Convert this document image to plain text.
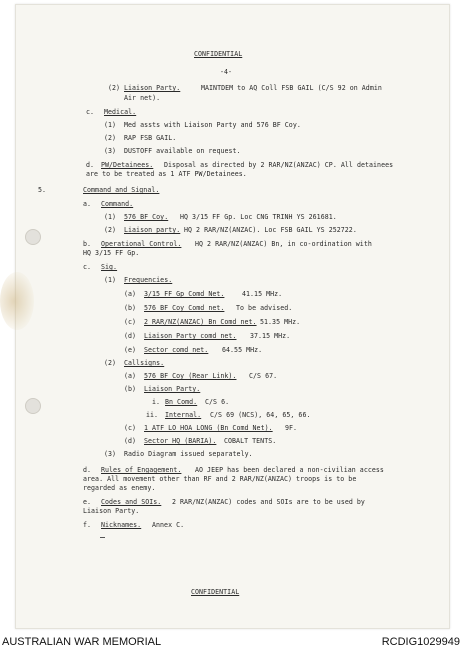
CONFIDENTIAL
-4-
(2) Liaison Party.	MAINTDEM to AQ Coll FSB GAIL (C/S 92 on Admin
Air net).
c. Medical.
(1) Med assts with Liaison Party and 576 BF Coy.
(2) RAP FSB GAIL.
(3) DUSTOFF available on request.
d. PW/Detainees. Disposal as directed by 2 RAR/NZ(ANZAC) CP. All detainees
are to be treated as 1 ATF PW/Detainees.
5.	Command and Signal.
a. Command.
(1) 576 BF Coy. HQ 3/15 FF Gp. Loc CNG TRINH YS 261681.
(2) Liaison party. HQ 2 RAR/NZ(ANZAC). Loc FSB GAIL YS 252722.
b. Operational Control. HQ 2 RAR/NZ(ANZAC) Bn, in co-ordination with
HQ 3/15 FF Gp.
c. Sig.
(1) Frequencies.
(a) 3/15 FF Gp Comd Net.	41.15 MHz.
(b) 576 BF Coy Comd net. To be advised.
(c) 2 RAR/NZ(ANZAC) Bn Comd net. 51.35 MHz.
(d) Liaison Party comd net. 37.15 MHz.
(e) Sector comd net. 64.55 MHz.
(2) Callsigns.
(a) 576 BF Coy (Rear Link). C/S 67.
(b) Liaison Party.
i. Bn Comd. C/S 6.
ii. Internal. C/S 69 (NCS), 64, 65, 66.
(c) 1 ATF LO HOA LONG (Bn Comd Net). 9F.
(d) Sector HQ (BARIA). COBALT TENTS.
(3) Radio Diagram issued separately.
d. Rules of Engagement. AO JEEP has been declared a non-civilian access
area. All movement other than RF and 2 RAR/NZ(ANZAC) troops is to be
regarded as enemy.
e. Codes and SOIs. 2 RAR/NZ(ANZAC) codes and SOIs are to be used by
Liaison Party.
f. Nicknames. Annex C.
CONFIDENTIAL
AUSTRALIAN WAR MEMORIAL	RCDIG1029949
